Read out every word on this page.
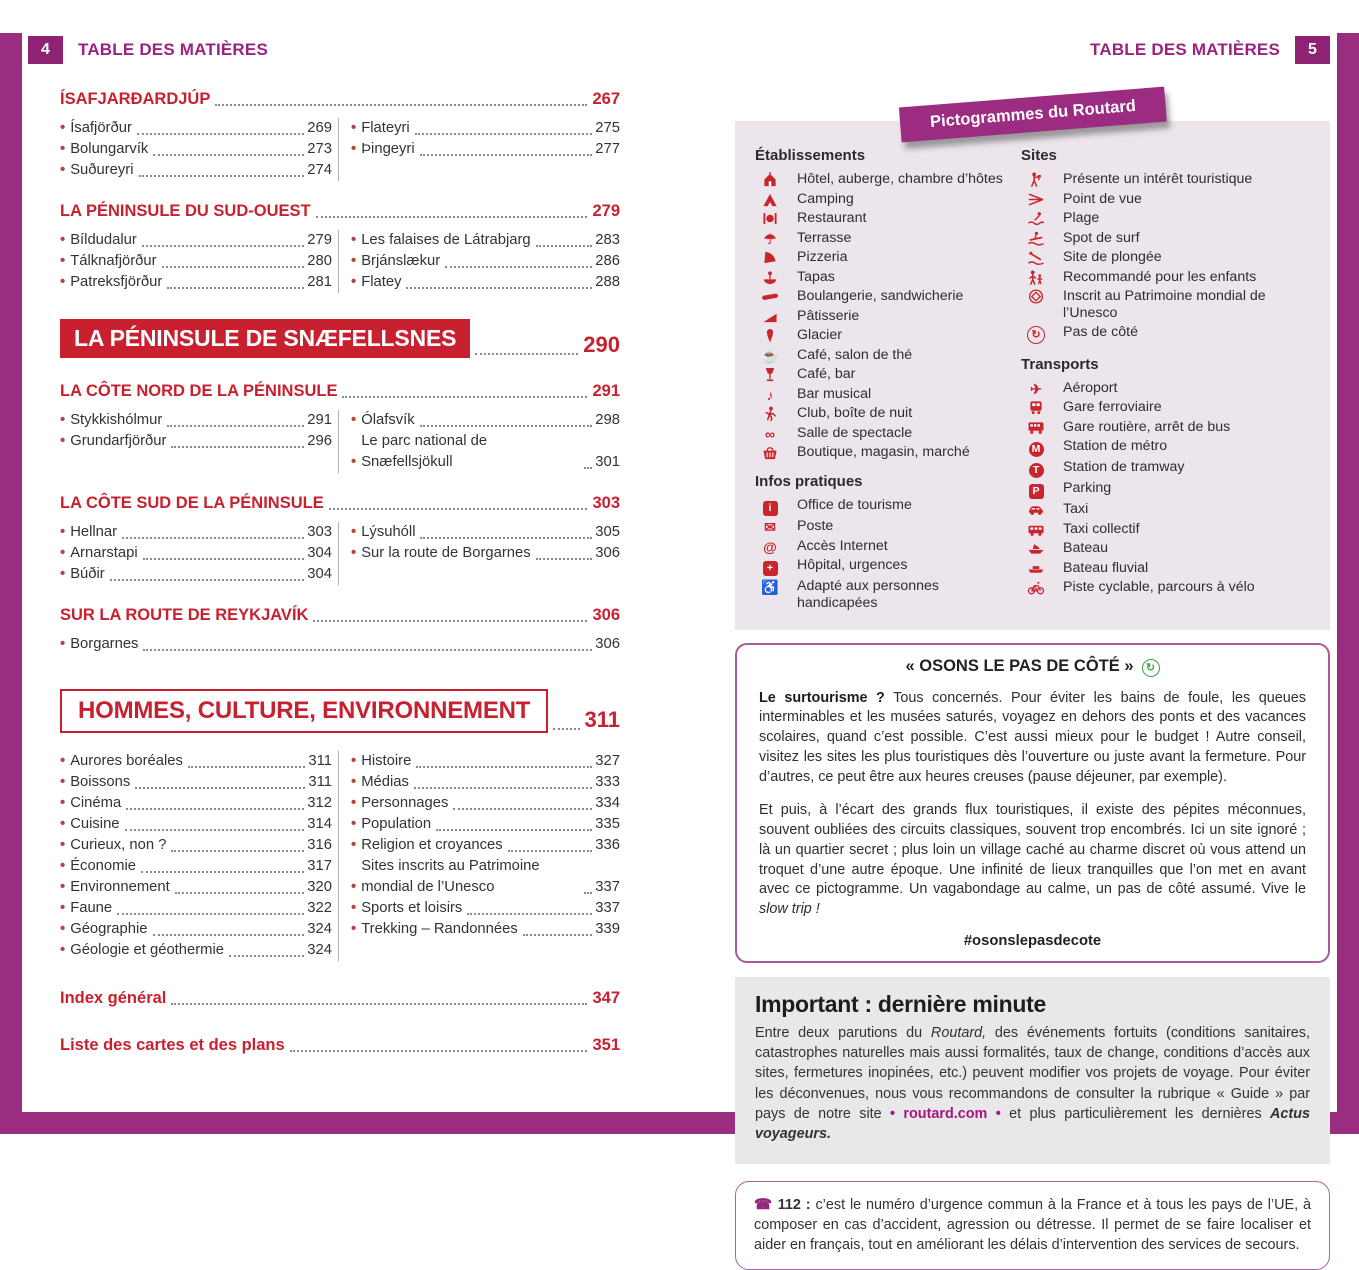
4	TABLE DES MATIÈRES
ÍSAFJARÐARDJÚP	267
• Ísafjörður	269
• Bolungarvík	273
• Suðureyri	274
• Flateyri	275
• Þingeyri	277
LA PÉNINSULE DU SUD-OUEST	279
• Bíldudalur	279
• Tálknafjörður	280
• Patreksfjörður	281
• Les falaises de Látrabjarg	283
• Brjánslækur	286
• Flatey	288
LA PÉNINSULE DE SNÆFELLSNES	290
LA CÔTE NORD DE LA PÉNINSULE	291
• Stykkishólmur	291
• Grundarfjörður	296
• Ólafsvík	298
• Le parc national de Snæfellsjökull	301
LA CÔTE SUD DE LA PÉNINSULE	303
• Hellnar	303
• Arnarstapi	304
• Búðir	304
• Lýsuhóll	305
• Sur la route de Borgarnes	306
SUR LA ROUTE DE REYKJAVÍK	306
• Borgarnes	306
HOMMES, CULTURE, ENVIRONNEMENT	311
• Aurores boréales	311
• Boissons	311
• Cinéma	312
• Cuisine	314
• Curieux, non ?	316
• Économie	317
• Environnement	320
• Faune	322
• Géographie	324
• Géologie et géothermie	324
• Histoire	327
• Médias	333
• Personnages	334
• Population	335
• Religion et croyances	336
• Sites inscrits au Patrimoine mondial de l’Unesco	337
• Sports et loisirs	337
• Trekking – Randonnées	339
Index général	347
Liste des cartes et des plans	351
TABLE DES MATIÈRES	5
Pictogrammes du Routard
Établissements
Hôtel, auberge, chambre d’hôtes
Camping
Restaurant
☂	Terrasse
Pizzeria
Tapas
Boulangerie, sandwicherie
Pâtisserie
Glacier
☕	Café, salon de thé
Café, bar
♪	Bar musical
Club, boîte de nuit
∞	Salle de spectacle
Boutique, magasin, marché
Infos pratiques
i	Office de tourisme
✉	Poste
@	Accès Internet
+	Hôpital, urgences
♿	Adapté aux personnes handicapées
Sites
Présente un intérêt touristique
Point de vue
Plage
Spot de surf
Site de plongée
Recommandé pour les enfants
Inscrit au Patrimoine mondial de l’Unesco
↻	Pas de côté
Transports
✈	Aéroport
Gare ferroviaire
Gare routière, arrêt de bus
M	Station de métro
T	Station de tramway
P	Parking
Taxi
Taxi collectif
Bateau
Bateau fluvial
Piste cyclable, parcours à vélo
« OSONS LE PAS DE CÔTÉ »	↻

Le surtourisme ? Tous concernés. Pour éviter les bains de foule, les queues interminables et les musées saturés, voyagez en dehors des ponts et des vacances scolaires, quand c’est possible. C’est aussi mieux pour le budget ! Autre conseil, visitez les sites les plus touristiques dès l’ouverture ou juste avant la fermeture. Pour d’autres, ce peut être aux heures creuses (pause déjeuner, par exemple).

Et puis, à l’écart des grands flux touristiques, il existe des pépites méconnues, souvent oubliées des circuits classiques, souvent trop encombrés. Ici un site ignoré ; là un quartier secret ; plus loin un village caché au charme discret où vous attend un troquet d’une autre époque. Une infinité de lieux tranquilles que l’on met en avant avec ce pictogramme. Un vagabondage au calme, un pas de côté assumé. Vive le slow trip !

#osonslepasdecote
Important : dernière minute

Entre deux parutions du Routard, des événements fortuits (conditions sanitaires, catastrophes naturelles mais aussi formalités, taux de change, conditions d’accès aux sites, fermetures inopinées, etc.) peuvent modifier vos projets de voyage. Pour éviter les déconvenues, nous vous recommandons de consulter la rubrique « Guide » par pays de notre site • routard.com • et plus particulièrement les dernières Actus voyageurs.

☎ 112 : c’est le numéro d’urgence commun à la France et à tous les pays de l’UE, à composer en cas d’accident, agression ou détresse. Il permet de se faire localiser et aider en français, tout en améliorant les délais d’intervention des services de secours.
